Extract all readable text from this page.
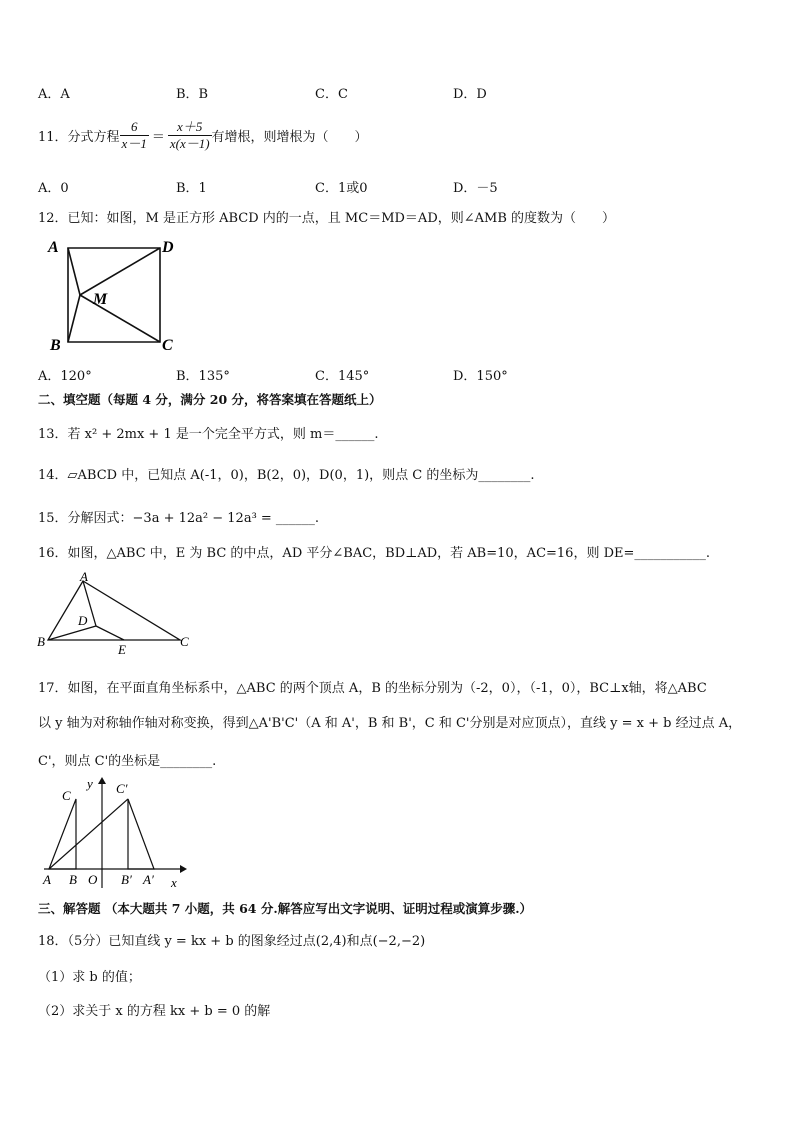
A．A	B．B	C．C	D．D
11．分式方程 $\frac{6}{x-1} = \frac{x+5}{x(x-1)}$ 有增根，则增根为（　　）
A．0	B．1	C．1或0	D．－5
12．已知：如图，M 是正方形 ABCD 内的一点，且 MC＝MD＝AD，则∠AMB 的度数为（　　）
A	D
M
B	C
A．120°	B．135°	C．145°	D．150°
二、填空题（每题 4 分，满分 20 分，将答案填在答题纸上）
13．若 x² + 2mx + 1 是一个完全平方式，则 m＝______.
14．▱ABCD 中，已知点 A(-1，0)，B(2，0)，D(0，1)，则点 C 的坐标为________.
15．分解因式：−3a + 12a² − 12a³ = ______.
16．如图，△ABC 中，E 为 BC 的中点，AD 平分∠BAC，BD⊥AD，若 AB=10，AC=16，则 DE=___________.
A
D
B	C
E
17．如图，在平面直角坐标系中，△ABC 的两个顶点 A，B 的坐标分别为（-2，0），（-1，0），BC⊥x轴，将△ABC
以 y 轴为对称轴作轴对称变换，得到△A'B'C'（A 和 A'，B 和 B'，C 和 C'分别是对应顶点），直线 y = x + b 经过点 A，
C'，则点 C'的坐标是________.
C
y C′
A B O B′ A′ x
三、解答题 （本大题共 7 小题，共 64 分.解答应写出文字说明、证明过程或演算步骤.）
18．（5分）已知直线 y = kx + b 的图象经过点(2,4)和点(−2,−2)
（1）求 b 的值；
（2）求关于 x 的方程 kx + b = 0 的解
